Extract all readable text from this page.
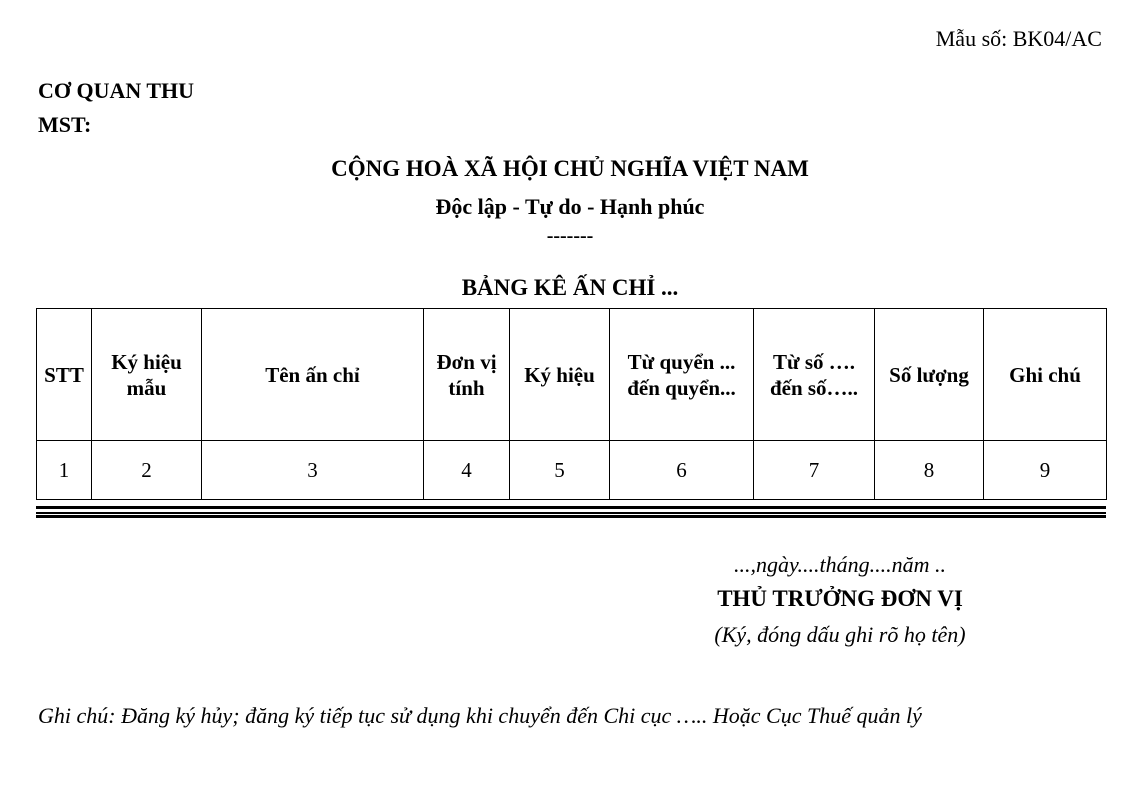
Mẫu số: BK04/AC
CƠ QUAN THU
MST:
CỘNG HOÀ XÃ HỘI CHỦ NGHĨA VIỆT NAM
Độc lập - Tự do - Hạnh phúc
-------
BẢNG KÊ ẤN CHỈ ...
STT	Ký hiệu mẫu	Tên ấn chỉ	Đơn vị tính	Ký hiệu	Từ quyển ... đến quyển...	Từ số …. đến số…..	Số lượng	Ghi chú
1	2	3	4	5	6	7	8	9
...,ngày....tháng....năm ..
THỦ TRƯỞNG ĐƠN VỊ
(Ký, đóng dấu ghi rõ họ tên)
Ghi chú: Đăng ký hủy; đăng ký tiếp tục sử dụng khi chuyển đến Chi cục ….. Hoặc Cục Thuế quản lý
